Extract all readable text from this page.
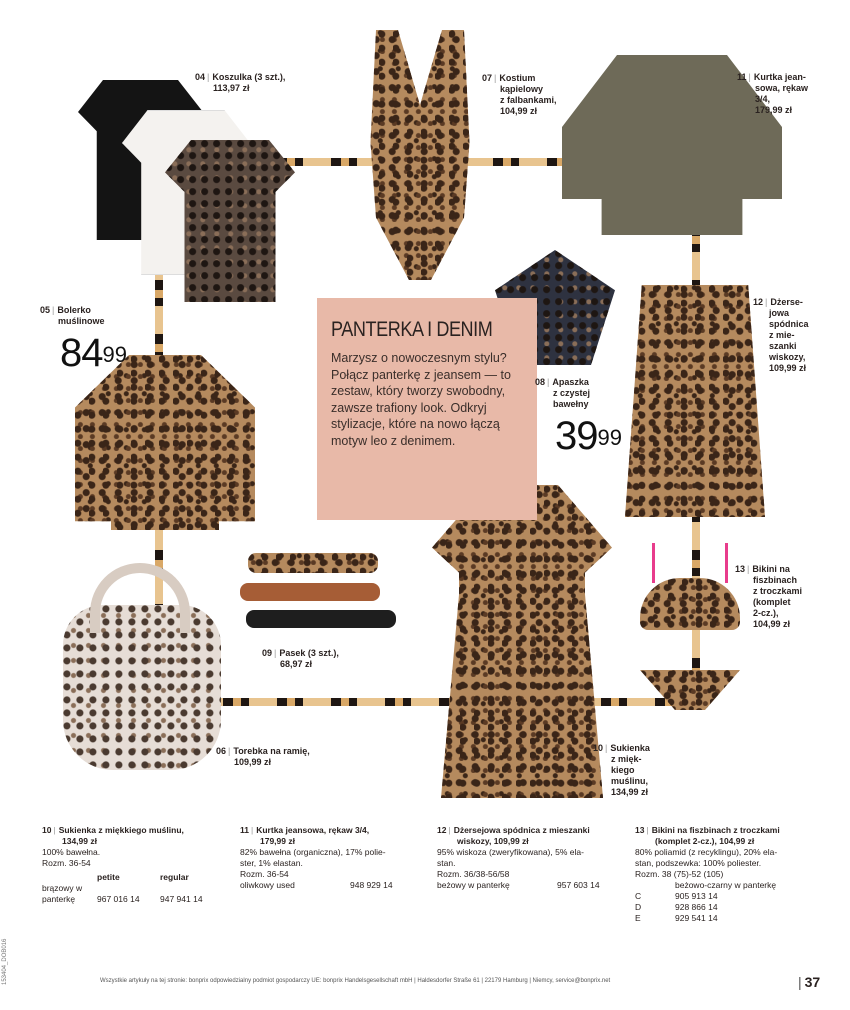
PANTERKA I DENIM

Marzysz o nowoczesnym stylu? Połącz panterkę z jeansem — to zestaw, który tworzy swobodny, zawsze trafiony look. Odkryj stylizacje, które na nowo łączą motyw leo z denimem.

04 | Koszulka (3 szt.),
113,97 zł
07 | Kostium
kąpielowy
z falbankami,
104,99 zł
11 | Kurtka jean-
sowa, rękaw
3/4,
179,99 zł
05 | Bolerko
muślinowe
$84^{99}$
08 | Apaszka
z czystej
bawełny
$39^{99}$
12 | Dżerse-
jowa
spódnica
z mie-
szanki
wiskozy,
109,99 zł
13 | Bikini na
fiszbinach
z troczkami
(komplet
2-cz.),
104,99 zł
09 | Pasek (3 szt.),
68,97 zł
06 | Torebka na ramię,
109,99 zł
10 | Sukienka
z mięk-
kiego
muślinu,
134,99 zł
10 | Sukienka z miękkiego muślinu,
134,99 zł
100% bawełna.
Rozm. 36-54
	petite	regular
brązowy w panterkę	967 016 14	947 941 14
11 | Kurtka jeansowa, rękaw 3/4,
179,99 zł
82% bawełna (organiczna), 17% polie-
ster, 1% elastan.
Rozm. 36-54
oliwkowy used	948 929 14
12 | Dżersejowa spódnica z mieszanki
wiskozy, 109,99 zł
95% wiskoza (zweryfikowana), 5% ela-
stan.
Rozm. 36/38-56/58
beżowy w panterkę	957 603 14
13 | Bikini na fiszbinach z troczkami
(komplet 2-cz.), 104,99 zł
80% poliamid (z recyklingu), 20% ela-
stan, podszewka: 100% poliester.
Rozm. 38 (75)-52 (105)
	beżowo-czarny w panterkę
C	905 913 14
D	928 866 14
E	929 541 14
153404_DOB016	Wszystkie artykuły na tej stronie: bonprix odpowiedzialny podmiot gospodarczy UE: bonprix Handelsgesellschaft mbH | Haldesdorfer Straße 61 | 22179 Hamburg | Niemcy, service@bonprix.net	| 37
